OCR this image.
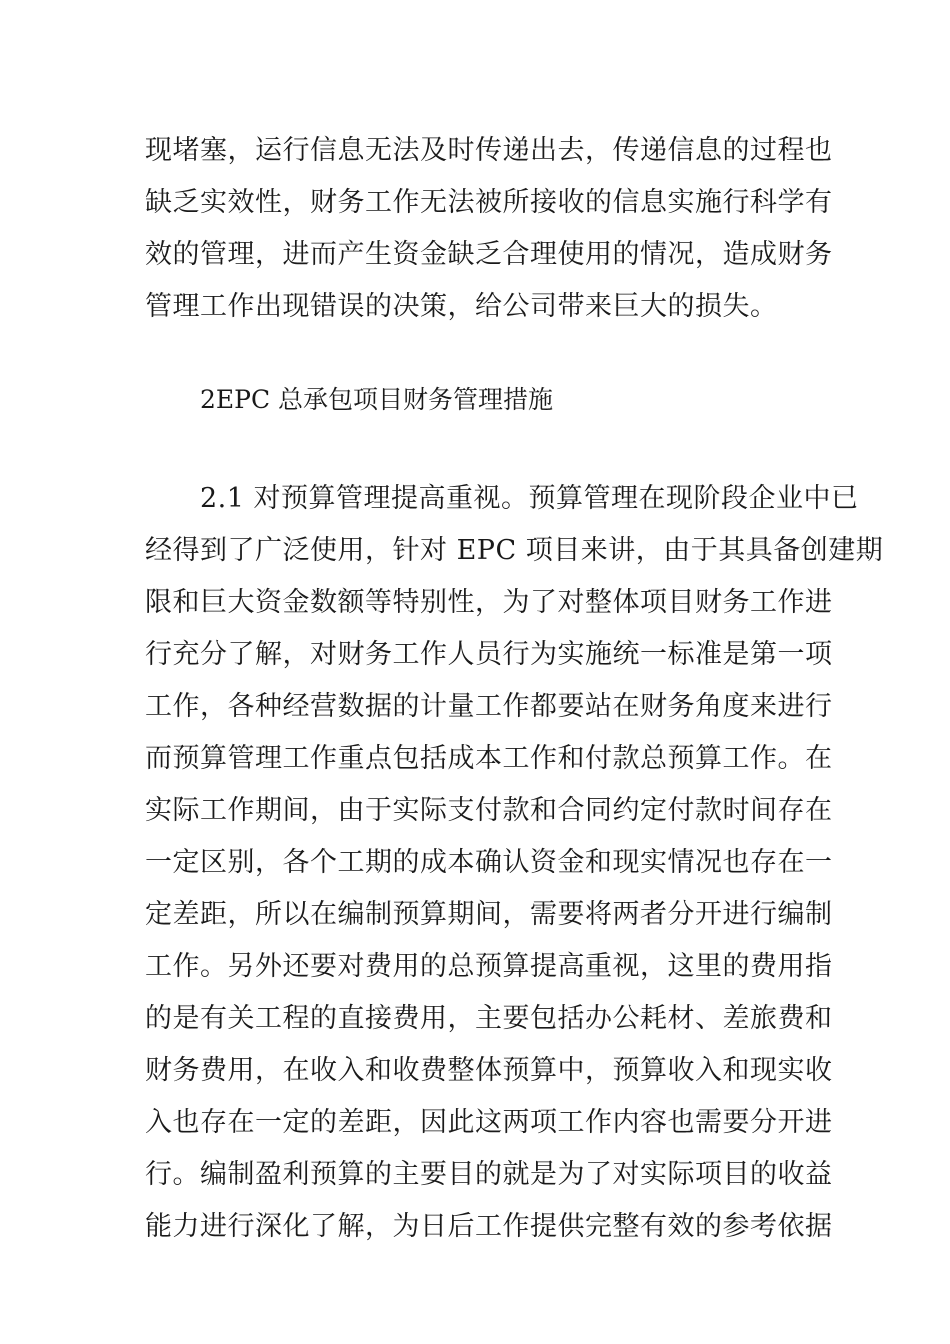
现堵塞，运行信息无法及时传递出去，传递信息的过程也
缺乏实效性，财务工作无法被所接收的信息实施行科学有
效的管理，进而产生资金缺乏合理使用的情况，造成财务
管理工作出现错误的决策，给公司带来巨大的损失。
2EPC 总承包项目财务管理措施
2.1 对预算管理提高重视。预算管理在现阶段企业中已
经得到了广泛使用，针对 EPC 项目来讲，由于其具备创建期
限和巨大资金数额等特别性，为了对整体项目财务工作进
行充分了解，对财务工作人员行为实施统一标准是第一项
工作，各种经营数据的计量工作都要站在财务角度来进行
而预算管理工作重点包括成本工作和付款总预算工作。在
实际工作期间，由于实际支付款和合同约定付款时间存在
一定区别，各个工期的成本确认资金和现实情况也存在一
定差距，所以在编制预算期间，需要将两者分开进行编制
工作。另外还要对费用的总预算提高重视，这里的费用指
的是有关工程的直接费用，主要包括办公耗材、差旅费和
财务费用，在收入和收费整体预算中，预算收入和现实收
入也存在一定的差距，因此这两项工作内容也需要分开进
行。编制盈利预算的主要目的就是为了对实际项目的收益
能力进行深化了解，为日后工作提供完整有效的参考依据
